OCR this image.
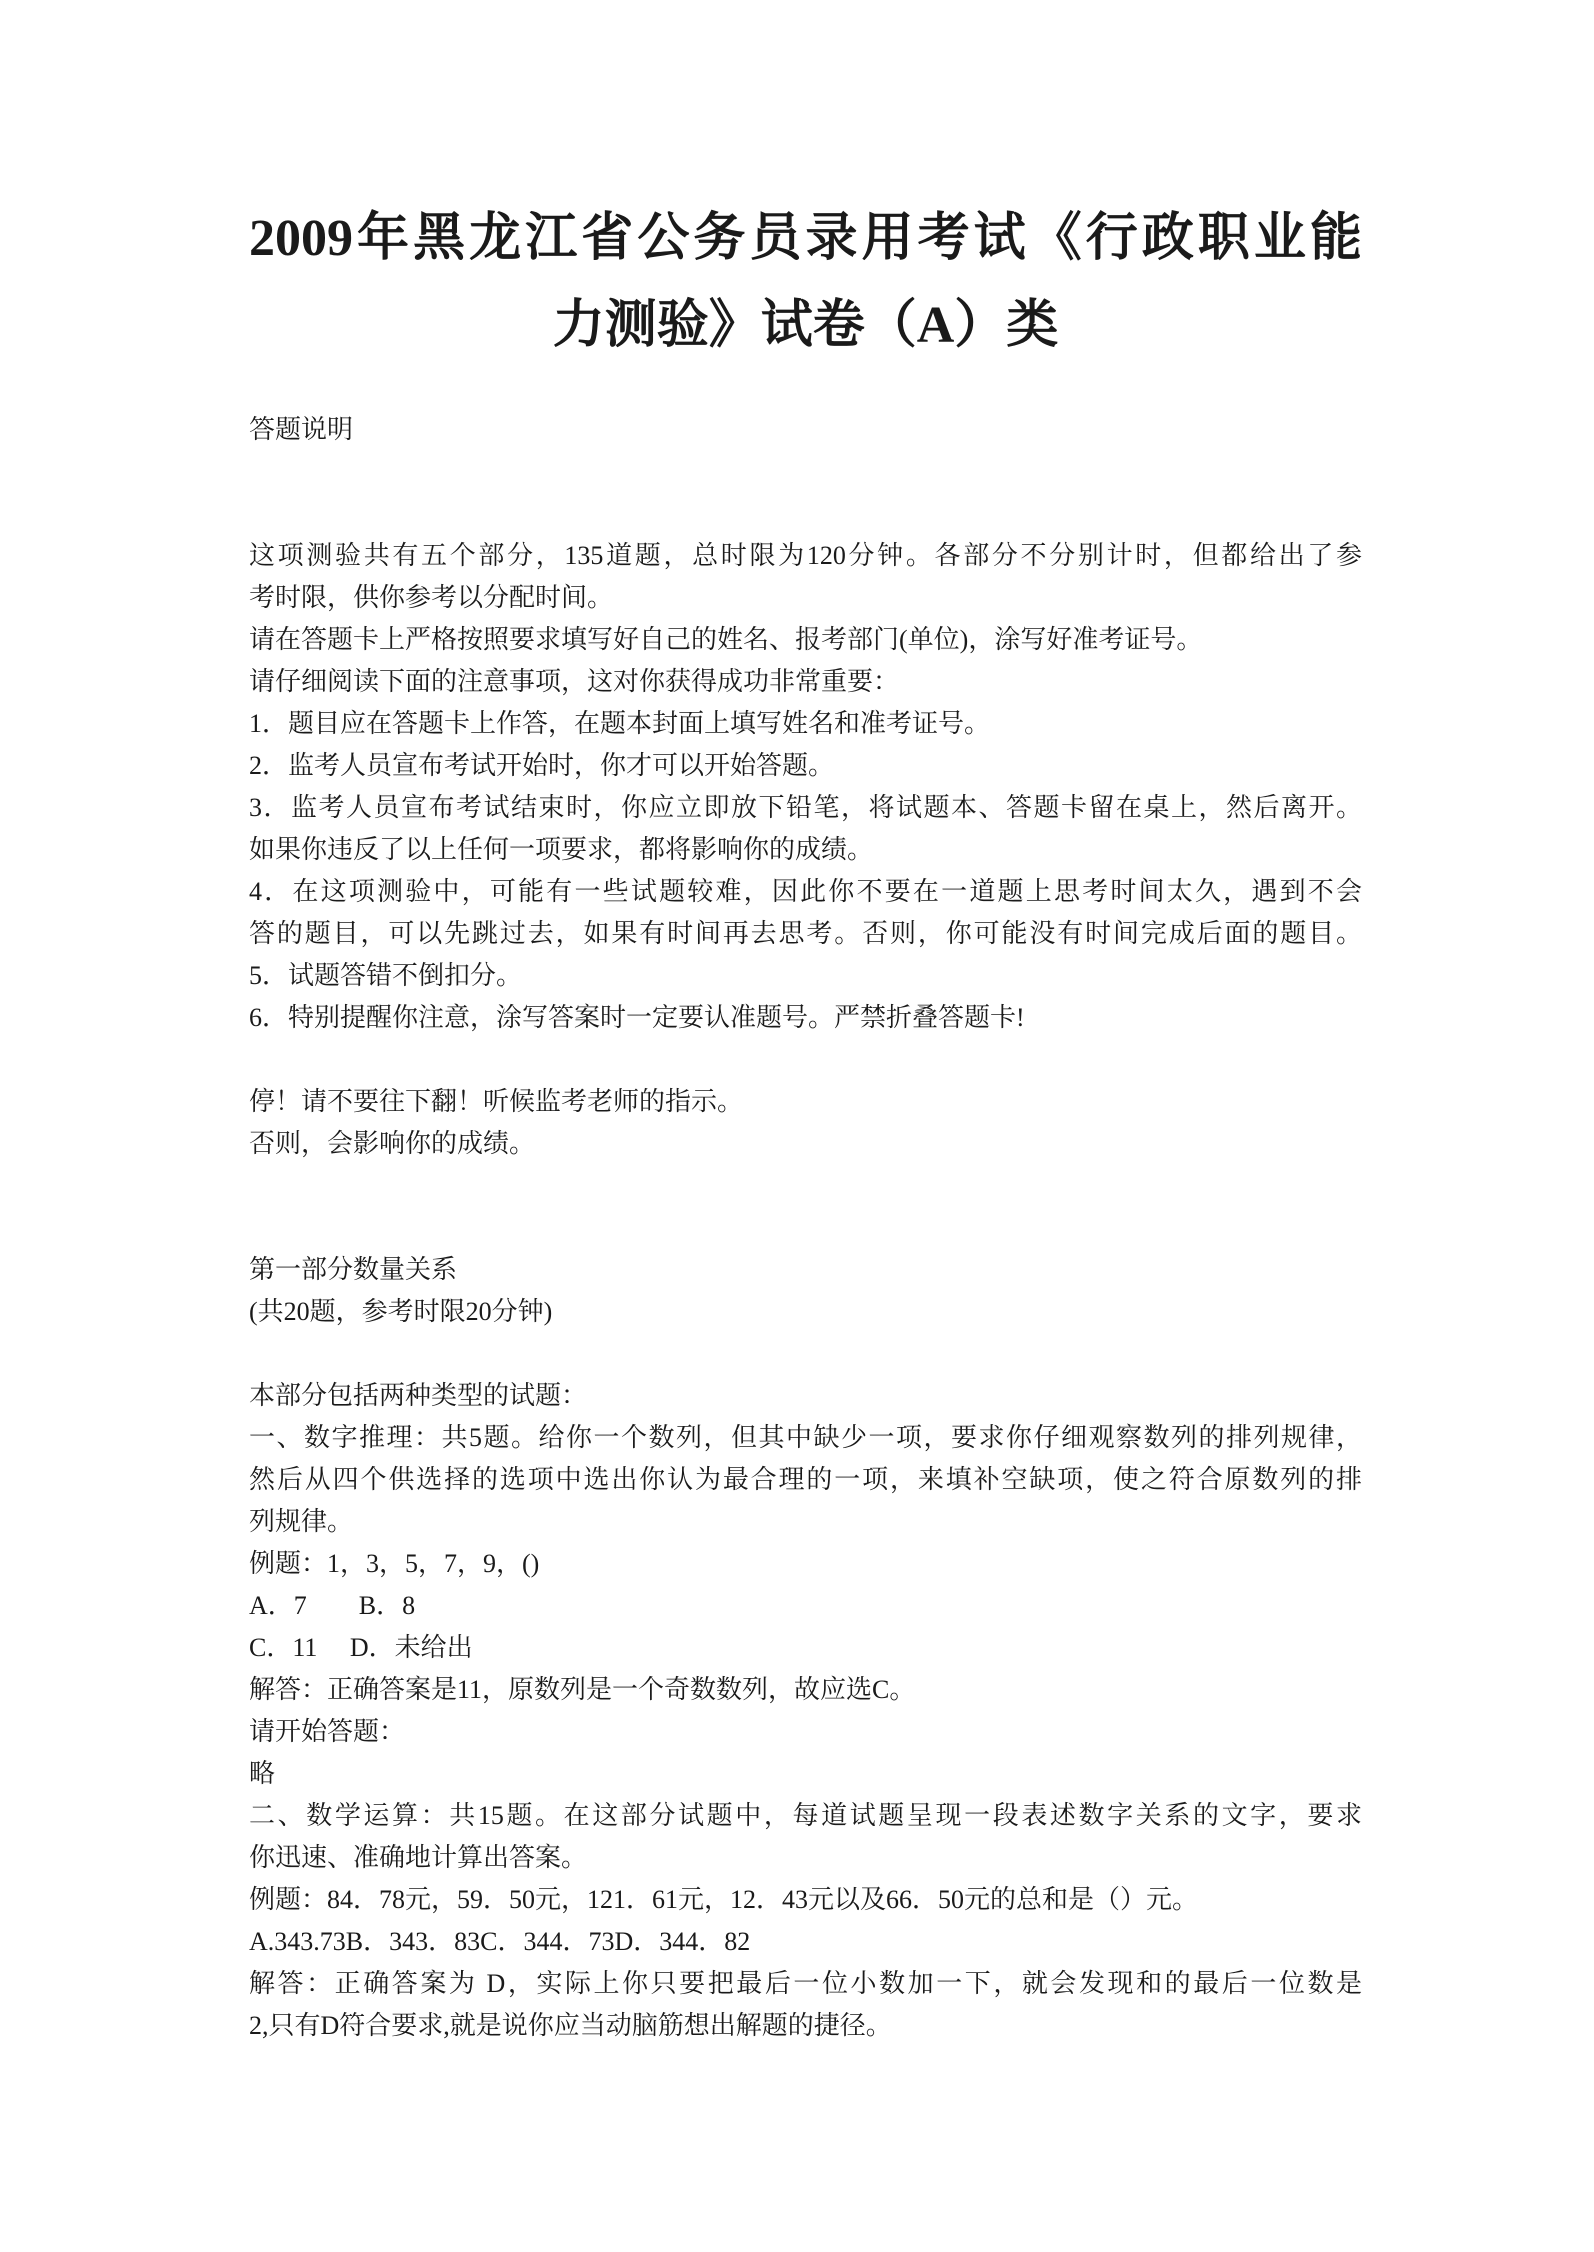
2009年黑龙江省公务员录用考试《行政职业能
力测验》试卷（A）类
答题说明
这项测验共有五个部分，135道题，总时限为120分钟。各部分不分别计时，但都给出了参
考时限，供你参考以分配时间。
请在答题卡上严格按照要求填写好自己的姓名、报考部门(单位)，涂写好准考证号。
请仔细阅读下面的注意事项，这对你获得成功非常重要：
1．题目应在答题卡上作答，在题本封面上填写姓名和准考证号。
2．监考人员宣布考试开始时，你才可以开始答题。
3．监考人员宣布考试结束时，你应立即放下铅笔，将试题本、答题卡留在桌上，然后离开。
如果你违反了以上任何一项要求，都将影响你的成绩。
4．在这项测验中，可能有一些试题较难，因此你不要在一道题上思考时间太久，遇到不会
答的题目，可以先跳过去，如果有时间再去思考。否则，你可能没有时间完成后面的题目。
5．试题答错不倒扣分。
6．特别提醒你注意，涂写答案时一定要认准题号。严禁折叠答题卡!
停！请不要往下翻！听候监考老师的指示。
否则，会影响你的成绩。
第一部分数量关系
(共20题，参考时限20分钟)
本部分包括两种类型的试题：
一、数字推理：共5题。给你一个数列，但其中缺少一项，要求你仔细观察数列的排列规律，
然后从四个供选择的选项中选出你认为最合理的一项，来填补空缺项，使之符合原数列的排
列规律。
例题：1，3，5，7，9，()
A．7　　B．8
C．11　 D．未给出
解答：正确答案是11，原数列是一个奇数数列，故应选C。
请开始答题：
略
二、数学运算：共15题。在这部分试题中，每道试题呈现一段表述数字关系的文字，要求
你迅速、准确地计算出答案。
例题：84．78元，59．50元，121．61元，12．43元以及66．50元的总和是（）元。
A.343.73B．343．83C．344．73D．344．82
解答：正确答案为 D，实际上你只要把最后一位小数加一下，就会发现和的最后一位数是
2,只有D符合要求,就是说你应当动脑筋想出解题的捷径。
